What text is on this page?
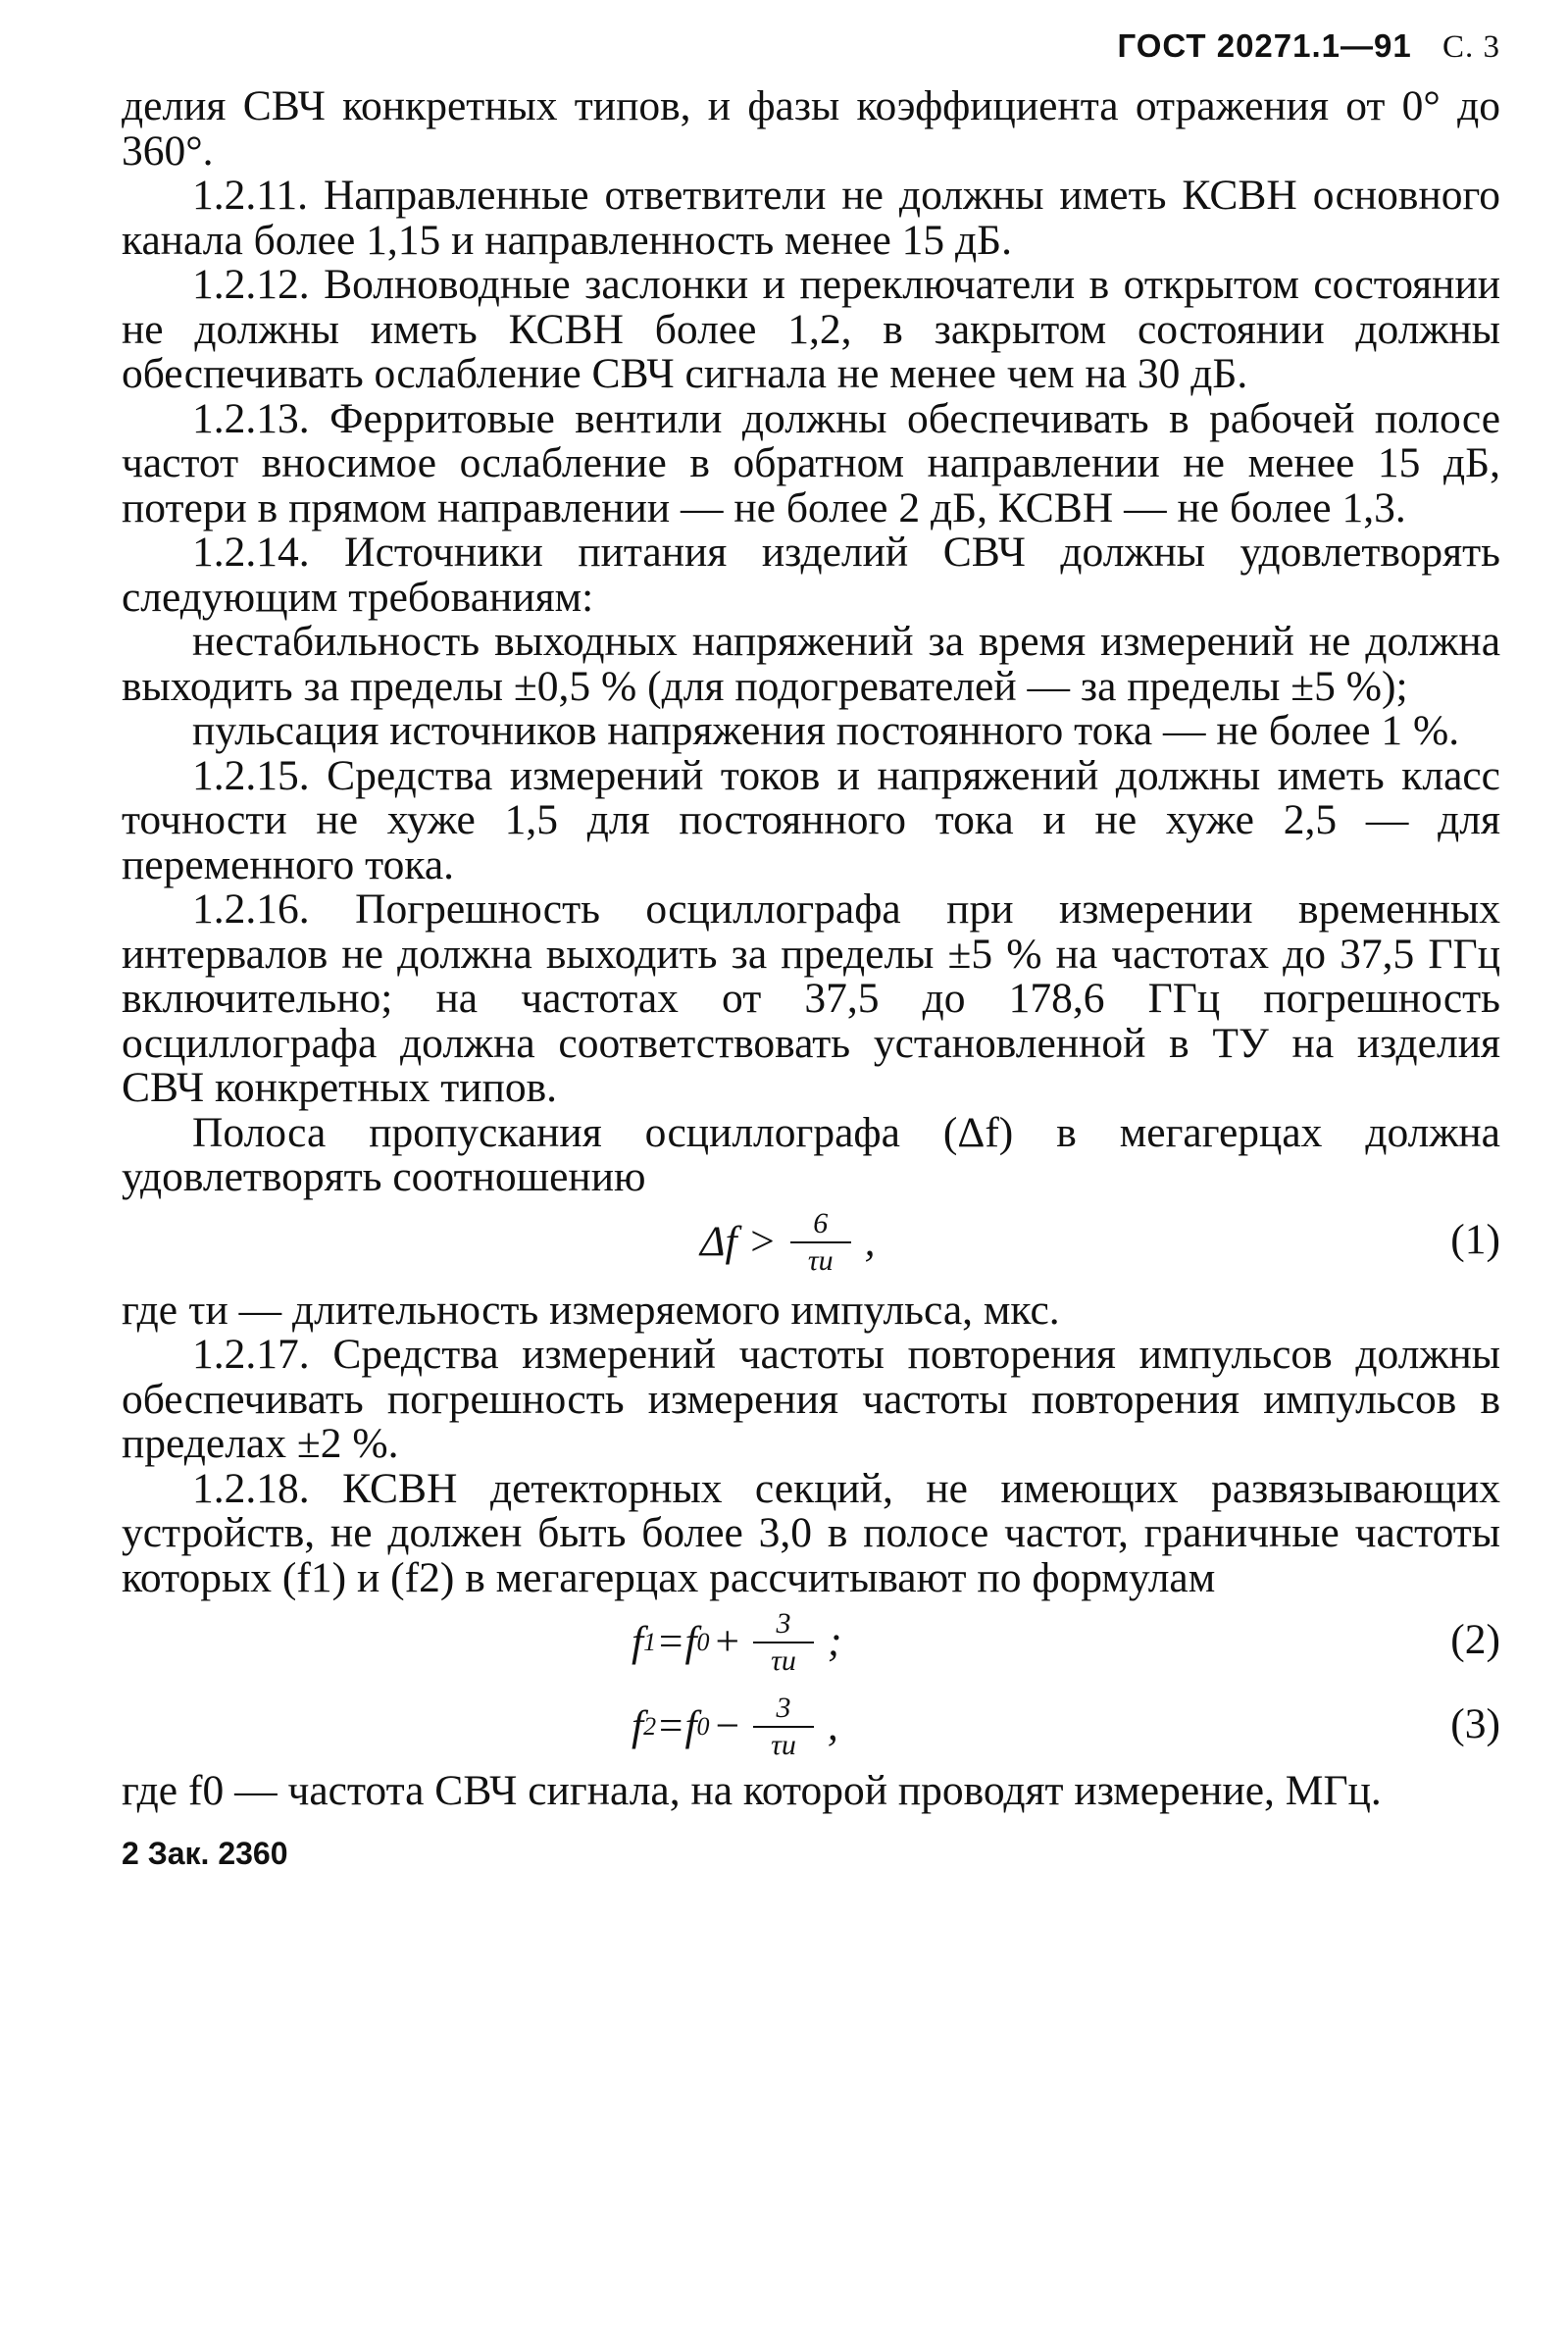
ГОСТ 20271.1—91 С. 3

делия СВЧ конкретных типов, и фазы коэффициента отражения от 0° до 360°.

1.2.11. Направленные ответвители не должны иметь КСВН основного канала более 1,15 и направленность менее 15 дБ.

1.2.12. Волноводные заслонки и переключатели в открытом состоянии не должны иметь КСВН более 1,2, в закрытом состоянии должны обеспечивать ослабление СВЧ сигнала не менее чем на 30 дБ.

1.2.13. Ферритовые вентили должны обеспечивать в рабочей полосе частот вносимое ослабление в обратном направлении не менее 15 дБ, потери в прямом направлении — не более 2 дБ, КСВН — не более 1,3.

1.2.14. Источники питания изделий СВЧ должны удовлетворять следующим требованиям:

нестабильность выходных напряжений за время измерений не должна выходить за пределы ±0,5 % (для подогревателей — за пределы ±5 %);

пульсация источников напряжения постоянного тока — не более 1 %.

1.2.15. Средства измерений токов и напряжений должны иметь класс точности не хуже 1,5 для постоянного тока и не хуже 2,5 — для переменного тока.

1.2.16. Погрешность осциллографа при измерении временных интервалов не должна выходить за пределы ±5 % на частотах до 37,5 ГГц включительно; на частотах от 37,5 до 178,6 ГГц погрешность осциллографа должна соответствовать установленной в ТУ на изделия СВЧ конкретных типов.

Полоса пропускания осциллографа (Δf) в мегагерцах должна удовлетворять соотношению

$\Delta f > \frac{6}{\tau и}$ ,	(1)

где τи — длительность измеряемого импульса, мкс.

1.2.17. Средства измерений частоты повторения импульсов должны обеспечивать погрешность измерения частоты повторения импульсов в пределах ±2 %.

1.2.18. КСВН детекторных секций, не имеющих развязывающих устройств, не должен быть более 3,0 в полосе частот, граничные частоты которых (f1) и (f2) в мегагерцах рассчитывают по формулам

f 1 =f $0 + \frac{3}{\tau и}$ ;	(2)
f 2 =f $0 - \frac{3}{\tau и}$ ,	(3)

где f0 — частота СВЧ сигнала, на которой проводят измерение, МГц.

2 Зак. 2360
